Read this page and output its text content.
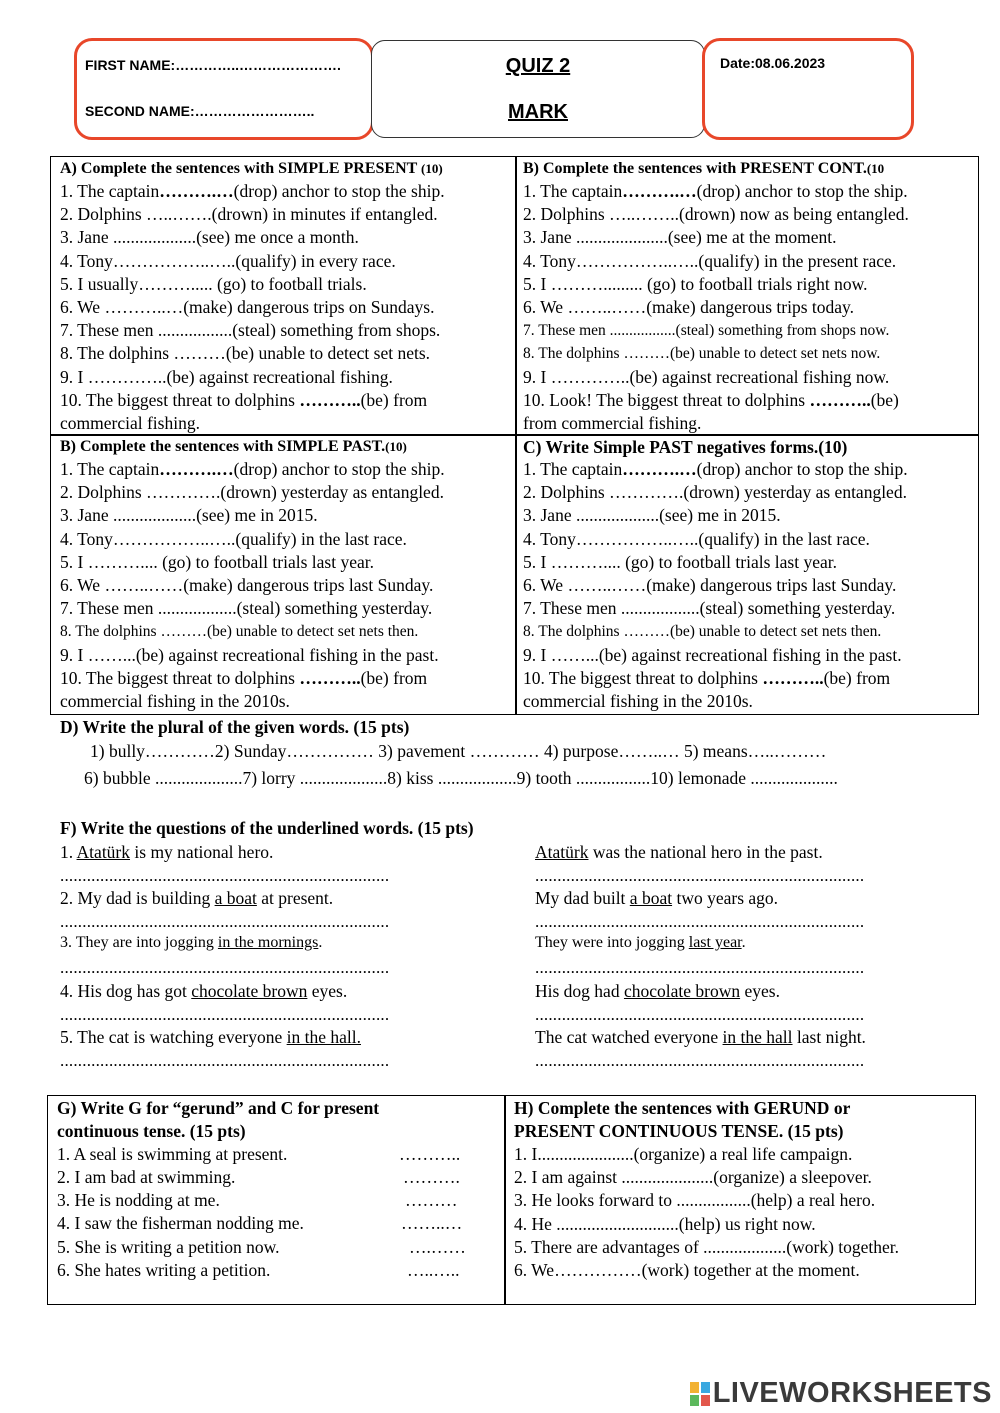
FIRST NAME:…………..………………….
SECOND NAME:……………………..
QUIZ 2
MARK
Date:08.06.2023
A) Complete the sentences with SIMPLE PRESENT (10)
1. The captain……….…(drop) anchor to stop the ship.
2. Dolphins …..…….(drown) in minutes if entangled.
3. Jane ...................(see) me once a month.
4. Tony……………..…..(qualify) in every race.
5. I usually………..... (go) to football trials.
6. We ………..…(make) dangerous trips on Sundays.
7. These men .................(steal) something from shops.
8. The dolphins ………(be) unable to detect set nets.
9. I …………..(be) against recreational fishing.
10. The biggest threat to dolphins ………..(be) from
commercial fishing.
B) Complete the sentences with PRESENT CONT.(10
1. The captain……….…(drop) anchor to stop the ship.
2. Dolphins …..……..(drown) now as being entangled.
3. Jane .....................(see) me at the moment.
4. Tony……………..…..(qualify) in the present race.
5. I ………......... (go) to football trials right now.
6. We ……..……(make) dangerous trips today.
7. These men .................(steal) something from shops now.
8. The dolphins ………(be) unable to detect set nets now.
9. I …………..(be) against recreational fishing now.
10. Look! The biggest threat to dolphins ………..(be)
from commercial fishing.
B) Complete the sentences with SIMPLE PAST.(10)
1. The captain……….…(drop) anchor to stop the ship.
2. Dolphins ………….(drown) yesterday as entangled.
3. Jane ...................(see) me in 2015.
4. Tony……………..…..(qualify) in the last race.
5. I ……….... (go) to football trials last year.
6. We ……..……(make) dangerous trips last Sunday.
7. These men ..................(steal) something yesterday.
8. The dolphins ………(be) unable to detect set nets then.
9. I ……...(be) against recreational fishing in the past.
10. The biggest threat to dolphins ………..(be) from
commercial fishing in the 2010s.
C) Write Simple PAST negatives forms.(10)
1. The captain……….…(drop) anchor to stop the ship.
2. Dolphins ………….(drown) yesterday as entangled.
3. Jane ...................(see) me in 2015.
4. Tony……………..…..(qualify) in the last race.
5. I ……….... (go) to football trials last year.
6. We ……..……(make) dangerous trips last Sunday.
7. These men ..................(steal) something yesterday.
8. The dolphins ………(be) unable to detect set nets then.
9. I ……...(be) against recreational fishing in the past.
10. The biggest threat to dolphins ………..(be) from
commercial fishing in the 2010s.
D) Write the plural of the given words. (15 pts)
1) bully…………2) Sunday…………… 3) pavement ………… 4) purpose……..… 5) means…..………
6) bubble ....................7) lorry ....................8) kiss ..................9) tooth .................10) lemonade ....................
F) Write the questions of the underlined words. (15 pts)
1. Atatürk is my national hero.
..........................................................................
2. My dad is building a boat at present.
..........................................................................
3. They are into jogging in the mornings.
..........................................................................
4. His dog has got chocolate brown eyes.
..........................................................................
5. The cat is watching everyone in the hall.
..........................................................................
Atatürk was the national hero in the past.
..........................................................................
My dad built a boat two years ago.
..........................................................................
They were into jogging last year.
..........................................................................
His dog had chocolate brown eyes.
..........................................................................
The cat watched everyone in the hall last night.
..........................................................................
G) Write G for “gerund” and C for present
continuous tense. (15 pts)
1. A seal is swimming at present.	………..
2. I am bad at swimming.	……….
3. He is nodding at me.	………
4. I saw the fisherman nodding me.	……..…
5. She is writing a petition now.	….……
6. She hates writing a petition.	…..…..
H) Complete the sentences with GERUND or
PRESENT CONTINUOUS TENSE. (15 pts)
1. I......................(organize) a real life campaign.
2. I am against .....................(organize) a sleepover.
3. He looks forward to .................(help) a real hero.
4. He ............................(help) us right now.
5. There are advantages of ...................(work) together.
6. We……………(work) together at the moment.
LIVEWORKSHEETS
